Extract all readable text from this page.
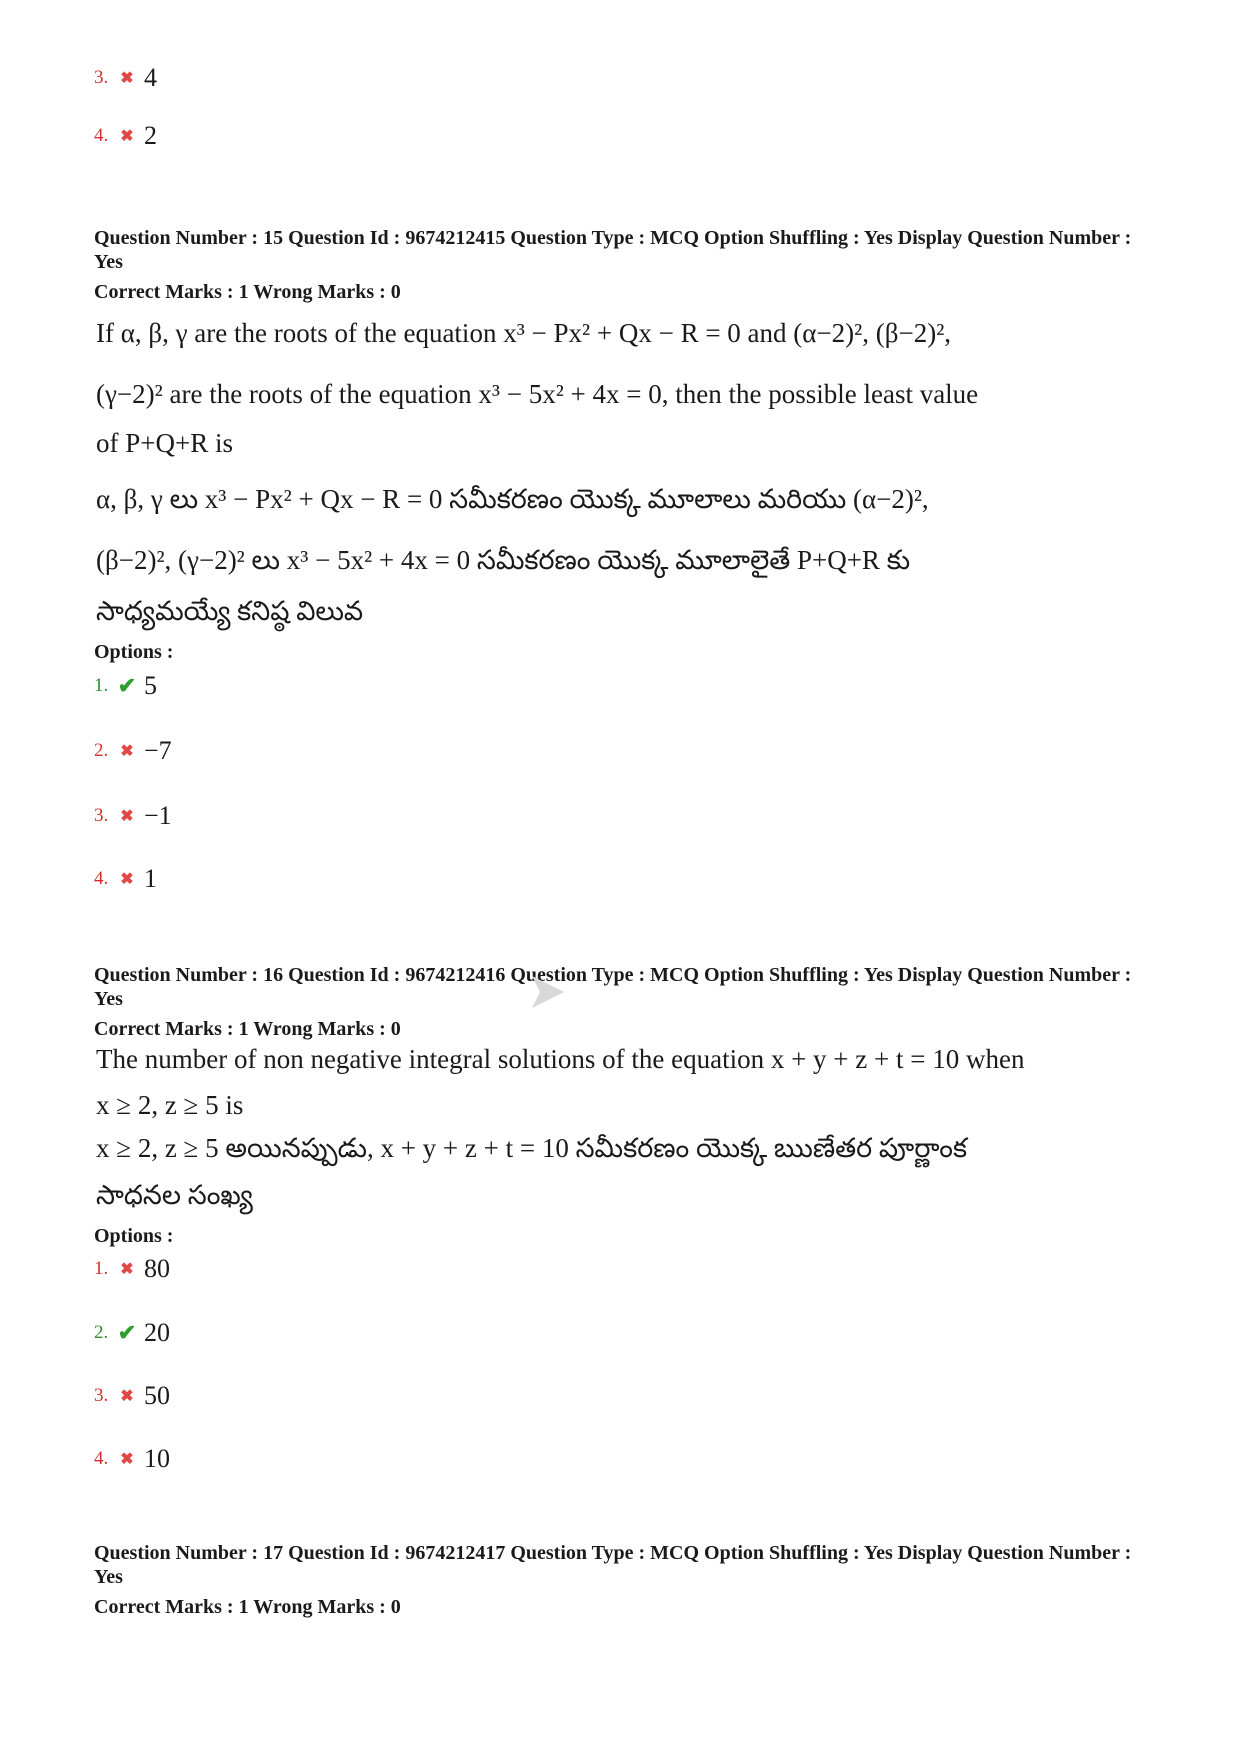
3. ✖ 4
4. ✖ 2
Question Number : 15 Question Id : 9674212415 Question Type : MCQ Option Shuffling : Yes Display Question Number : Yes
Correct Marks : 1 Wrong Marks : 0
If α, β, γ are the roots of the equation x³ − Px² + Qx − R = 0 and (α−2)², (β−2)²,
(γ−2)² are the roots of the equation x³ − 5x² + 4x = 0, then the possible least value
of P+Q+R is
α, β, γ లు x³ − Px² + Qx − R = 0 సమీకరణం యొక్క మూలాలు మరియు (α−2)²,
(β−2)², (γ−2)² లు x³ − 5x² + 4x = 0 సమీకరణం యొక్క మూలాలైతే P+Q+R కు
సాధ్యమయ్యే కనిష్ఠ విలువ
Options :
1. ✔ 5
2. ✖ −7
3. ✖ −1
4. ✖ 1
Question Number : 16 Question Id : 9674212416 Question Type : MCQ Option Shuffling : Yes Display Question Number : Yes
Correct Marks : 1 Wrong Marks : 0
The number of non negative integral solutions of the equation x + y + z + t = 10 when
x ≥ 2, z ≥ 5 is
x ≥ 2, z ≥ 5 అయినప్పుడు, x + y + z + t = 10 సమీకరణం యొక్క ఋణేతర పూర్ణాంక
సాధనల సంఖ్య
Options :
1. ✖ 80
2. ✔ 20
3. ✖ 50
4. ✖ 10
Question Number : 17 Question Id : 9674212417 Question Type : MCQ Option Shuffling : Yes Display Question Number : Yes
Correct Marks : 1 Wrong Marks : 0
